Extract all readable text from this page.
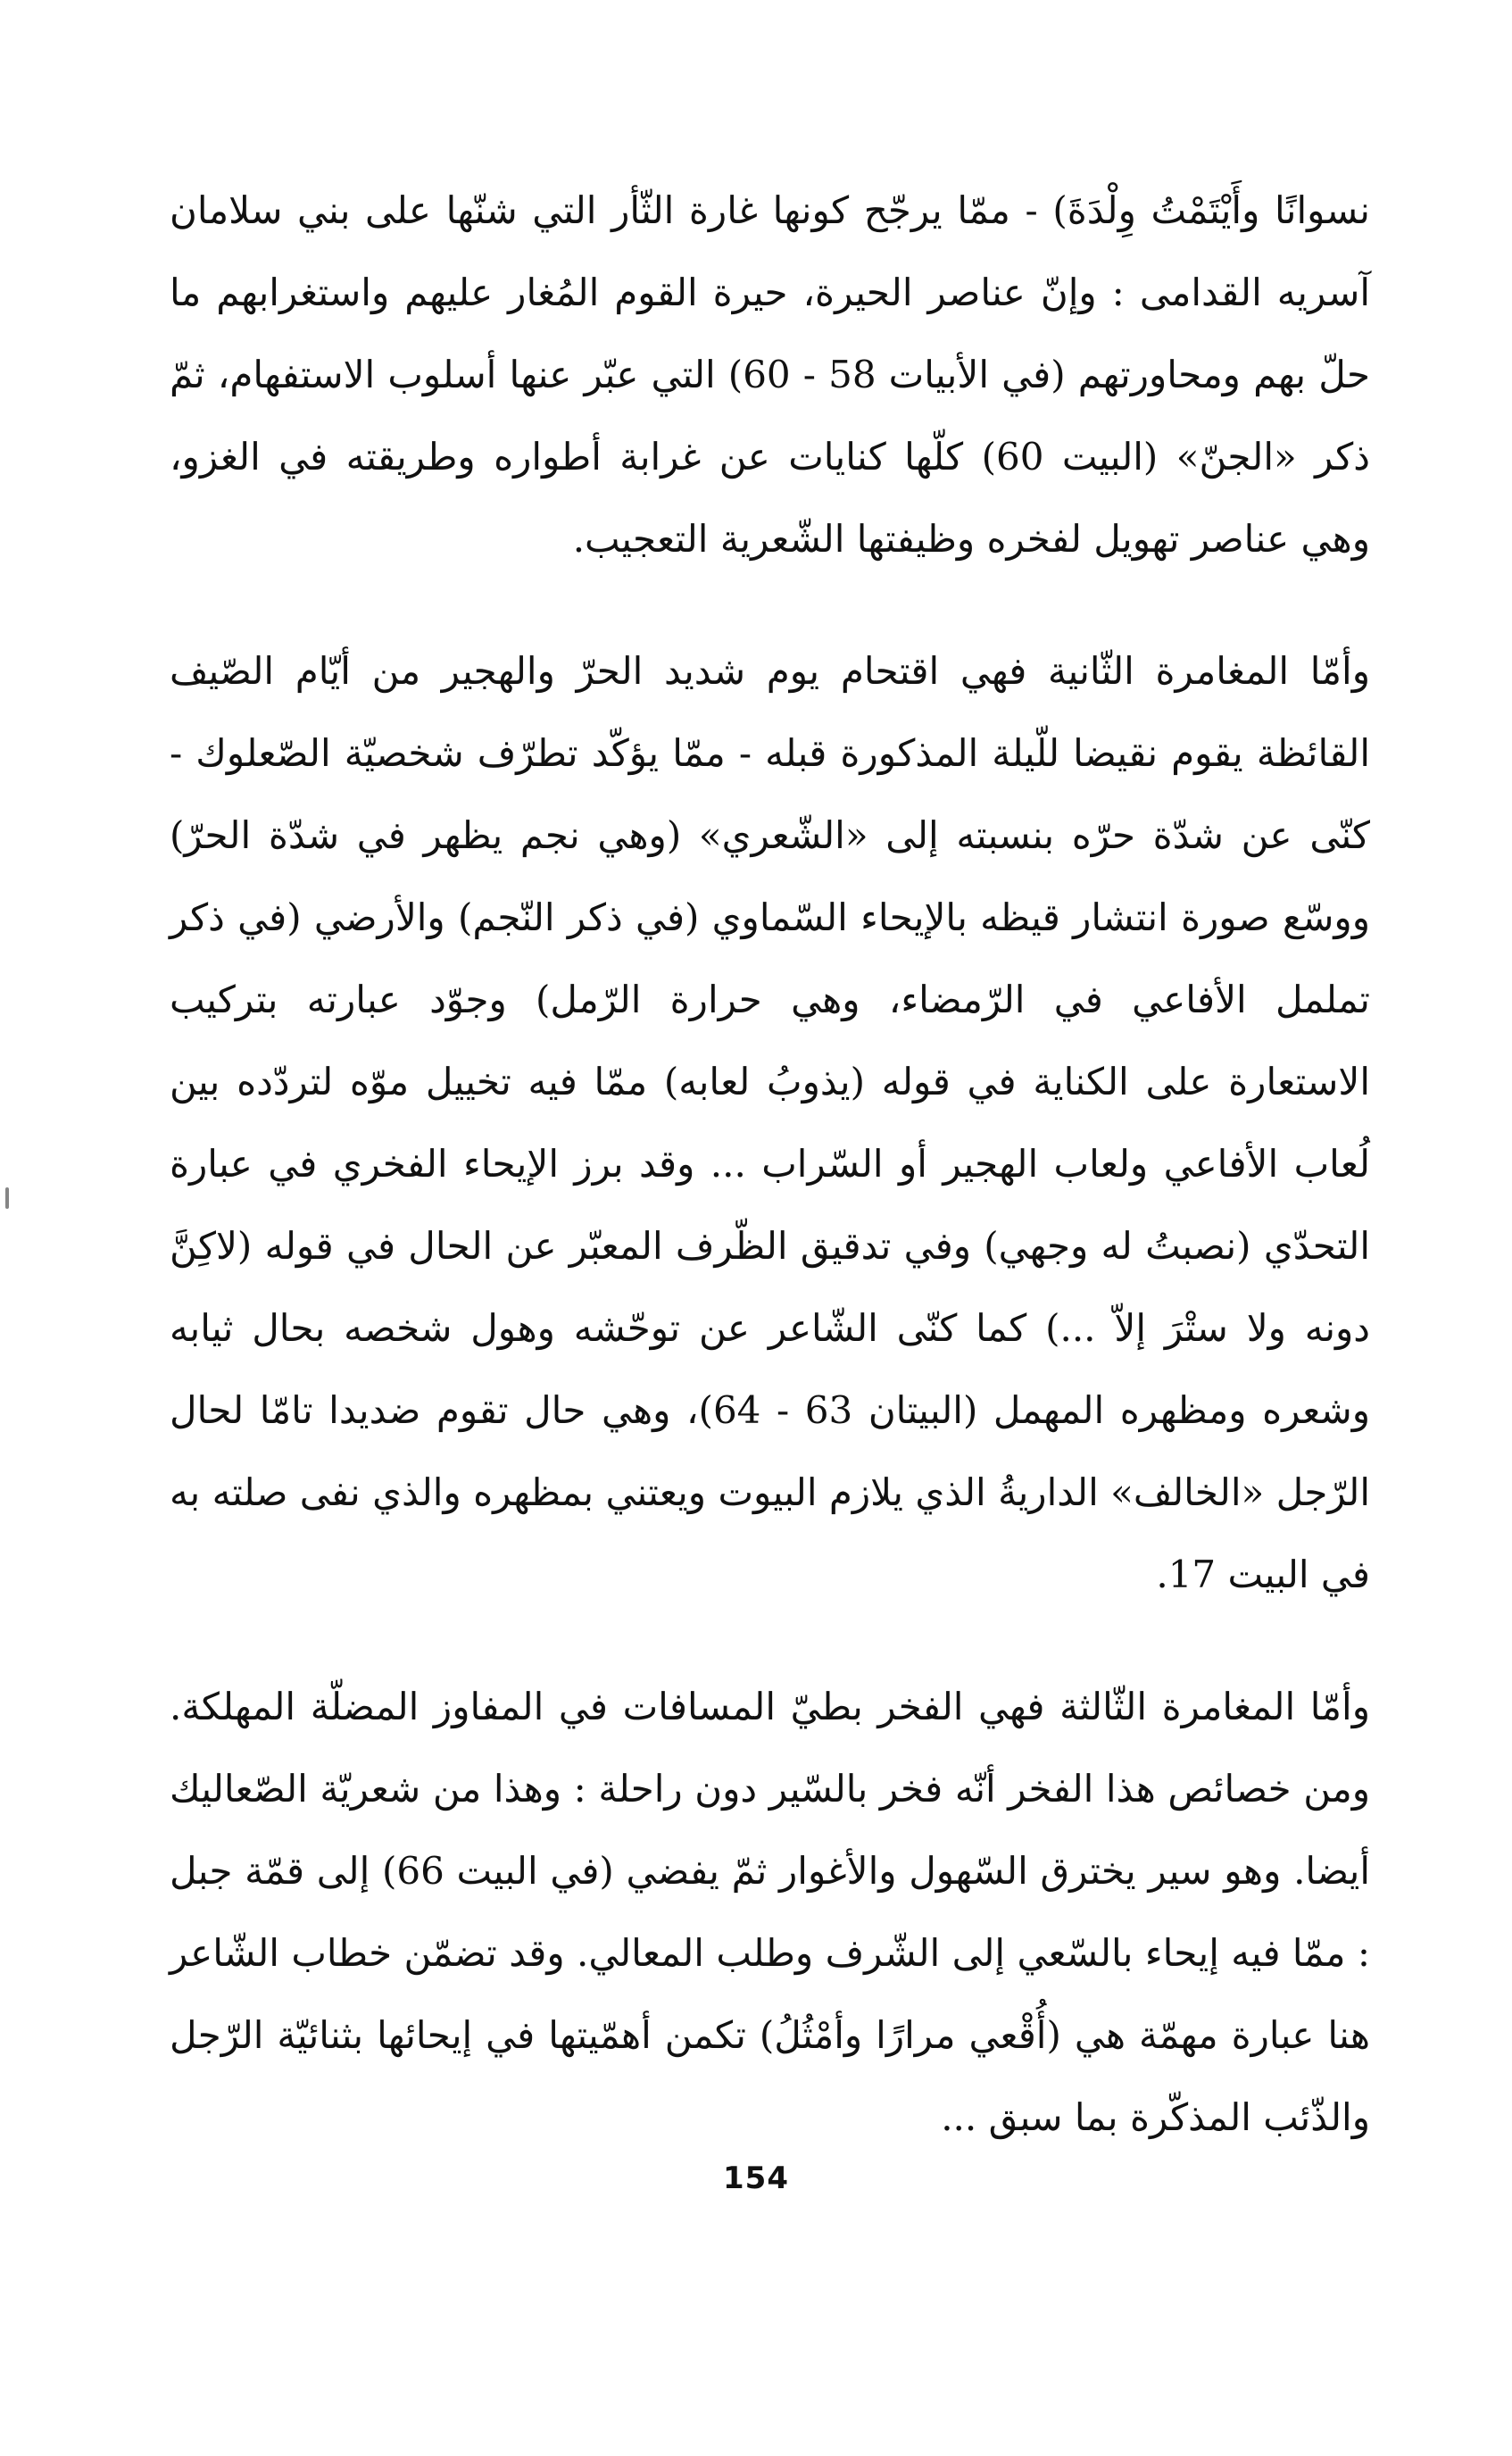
نسوانًا وأَيْتَمْتُ وِلْدَةَ) - ممّا يرجّح كونها غارة الثّأر التي شنّها على بني سلامان آسريه القدامى : وإنّ عناصر الحيرة، حيرة القوم المُغار عليهم واستغرابهم ما حلّ بهم ومحاورتهم (في الأبيات 58 - 60) التي عبّر عنها أسلوب الاستفهام، ثمّ ذكر «الجنّ» (البيت 60) كلّها كنايات عن غرابة أطواره وطريقته في الغزو، وهي عناصر تهويل لفخره وظيفتها الشّعرية التعجيب.

وأمّا المغامرة الثّانية فهي اقتحام يوم شديد الحرّ والهجير من أيّام الصّيف القائظة يقوم نقيضا للّيلة المذكورة قبله - ممّا يؤكّد تطرّف شخصيّة الصّعلوك - كنّى عن شدّة حرّه بنسبته إلى «الشّعري» (وهي نجم يظهر في شدّة الحرّ) ووسّع صورة انتشار قيظه بالإيحاء السّماوي (في ذكر النّجم) والأرضي (في ذكر تململ الأفاعي في الرّمضاء، وهي حرارة الرّمل) وجوّد عبارته بتركيب الاستعارة على الكناية في قوله (يذوبُ لعابه) ممّا فيه تخييل موّه لتردّده بين لُعاب الأفاعي ولعاب الهجير أو السّراب ... وقد برز الإيحاء الفخري في عبارة التحدّي (نصبتُ له وجهي) وفي تدقيق الظّرف المعبّر عن الحال في قوله (لاكِنَّ دونه ولا ستْرَ إلاّ ...) كما كنّى الشّاعر عن توحّشه وهول شخصه بحال ثيابه وشعره ومظهره المهمل (البيتان 63 - 64)، وهي حال تقوم ضديدا تامّا لحال الرّجل «الخالف» الداريةُ الذي يلازم البيوت ويعتني بمظهره والذي نفى صلته به في البيت 17.

وأمّا المغامرة الثّالثة فهي الفخر بطيّ المسافات في المفاوز المضلّة المهلكة. ومن خصائص هذا الفخر أنّه فخر بالسّير دون راحلة : وهذا من شعريّة الصّعاليك أيضا. وهو سير يخترق السّهول والأغوار ثمّ يفضي (في البيت 66) إلى قمّة جبل : ممّا فيه إيحاء بالسّعي إلى الشّرف وطلب المعالي. وقد تضمّن خطاب الشّاعر هنا عبارة مهمّة هي (أُقْعي مرارًا وأمْثُلُ) تكمن أهمّيتها في إيحائها بثنائيّة الرّجل والذّئب المذكّرة بما سبق ...

154
